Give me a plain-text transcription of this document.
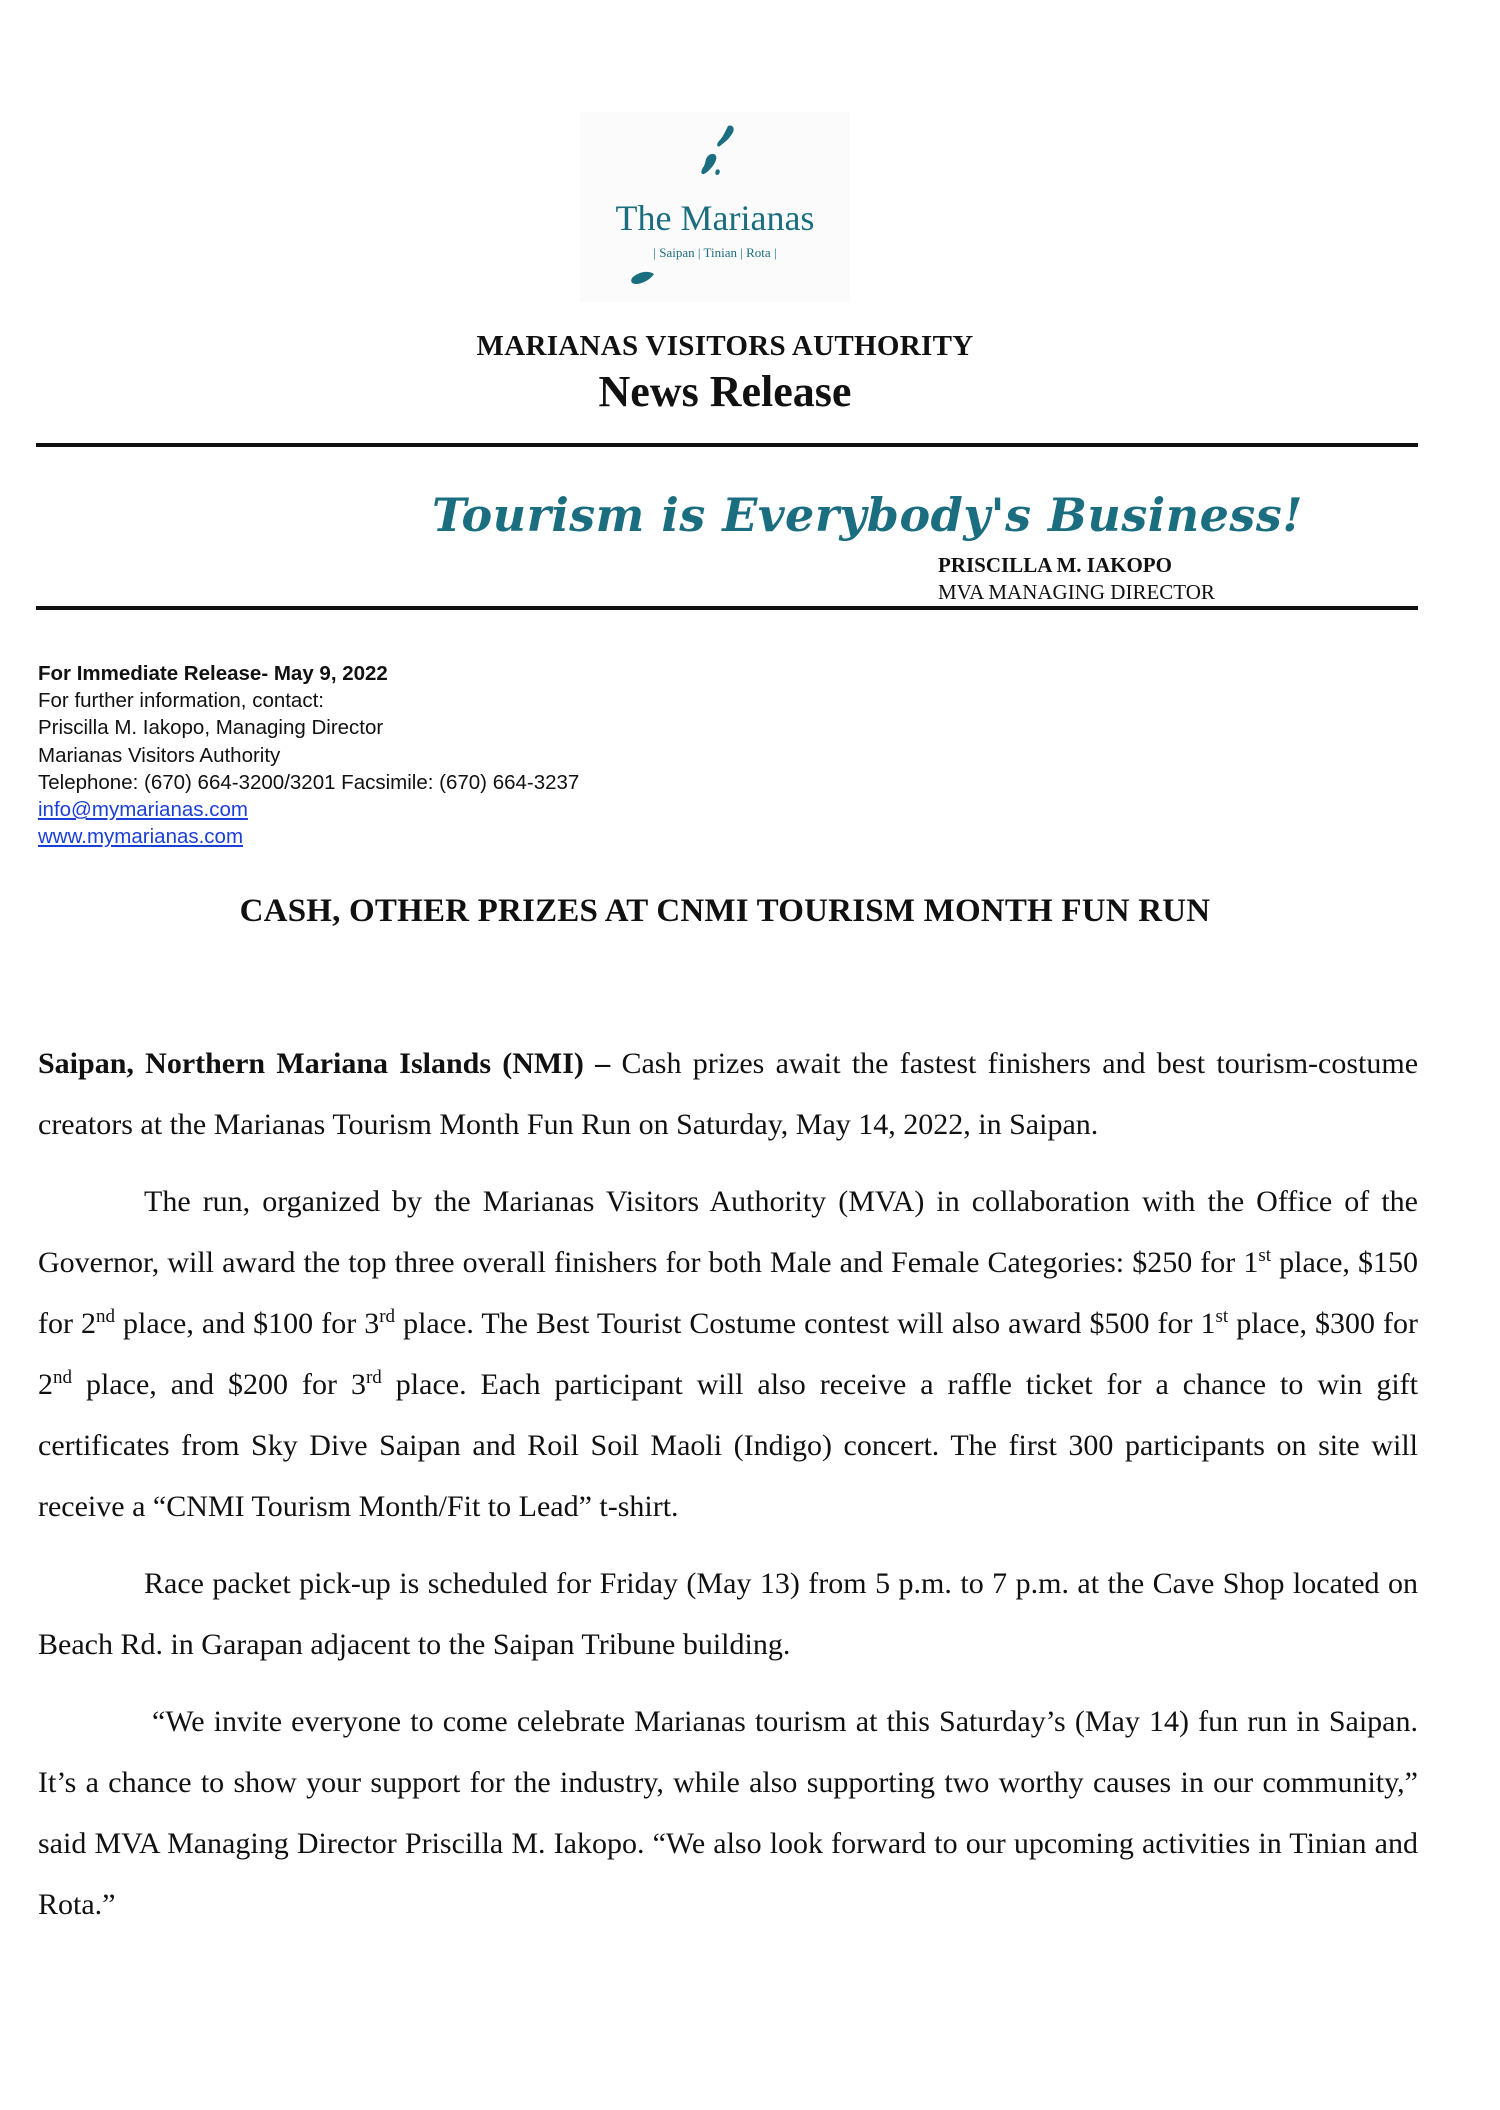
The Marianas
| Saipan | Tinian | Rota |
MARIANAS VISITORS AUTHORITY
News Release
Tourism is Everybody's Business!
PRISCILLA M. IAKOPO
MVA MANAGING DIRECTOR
For Immediate Release- May 9, 2022
For further information, contact:
Priscilla M. Iakopo, Managing Director
Marianas Visitors Authority
Telephone: (670) 664-3200/3201 Facsimile: (670) 664-3237
info@mymarianas.com
www.mymarianas.com
CASH, OTHER PRIZES AT CNMI TOURISM MONTH FUN RUN

Saipan, Northern Mariana Islands (NMI) – Cash prizes await the fastest finishers and best tourism-costume creators at the Marianas Tourism Month Fun Run on Saturday, May 14, 2022, in Saipan.

The run, organized by the Marianas Visitors Authority (MVA) in collaboration with the Office of the Governor, will award the top three overall finishers for both Male and Female Categories: $250 for 1st place, $150 for 2nd place, and $100 for 3rd place. The Best Tourist Costume contest will also award $500 for 1st place, $300 for 2nd place, and $200 for 3rd place. Each participant will also receive a raffle ticket for a chance to win gift certificates from Sky Dive Saipan and Roil Soil Maoli (Indigo) concert. The first 300 participants on site will receive a “CNMI Tourism Month/Fit to Lead” t-shirt.

Race packet pick-up is scheduled for Friday (May 13) from 5 p.m. to 7 p.m. at the Cave Shop located on Beach Rd. in Garapan adjacent to the Saipan Tribune building.

“We invite everyone to come celebrate Marianas tourism at this Saturday’s (May 14) fun run in Saipan. It’s a chance to show your support for the industry, while also supporting two worthy causes in our community,” said MVA Managing Director Priscilla M. Iakopo. “We also look forward to our upcoming activities in Tinian and Rota.”
